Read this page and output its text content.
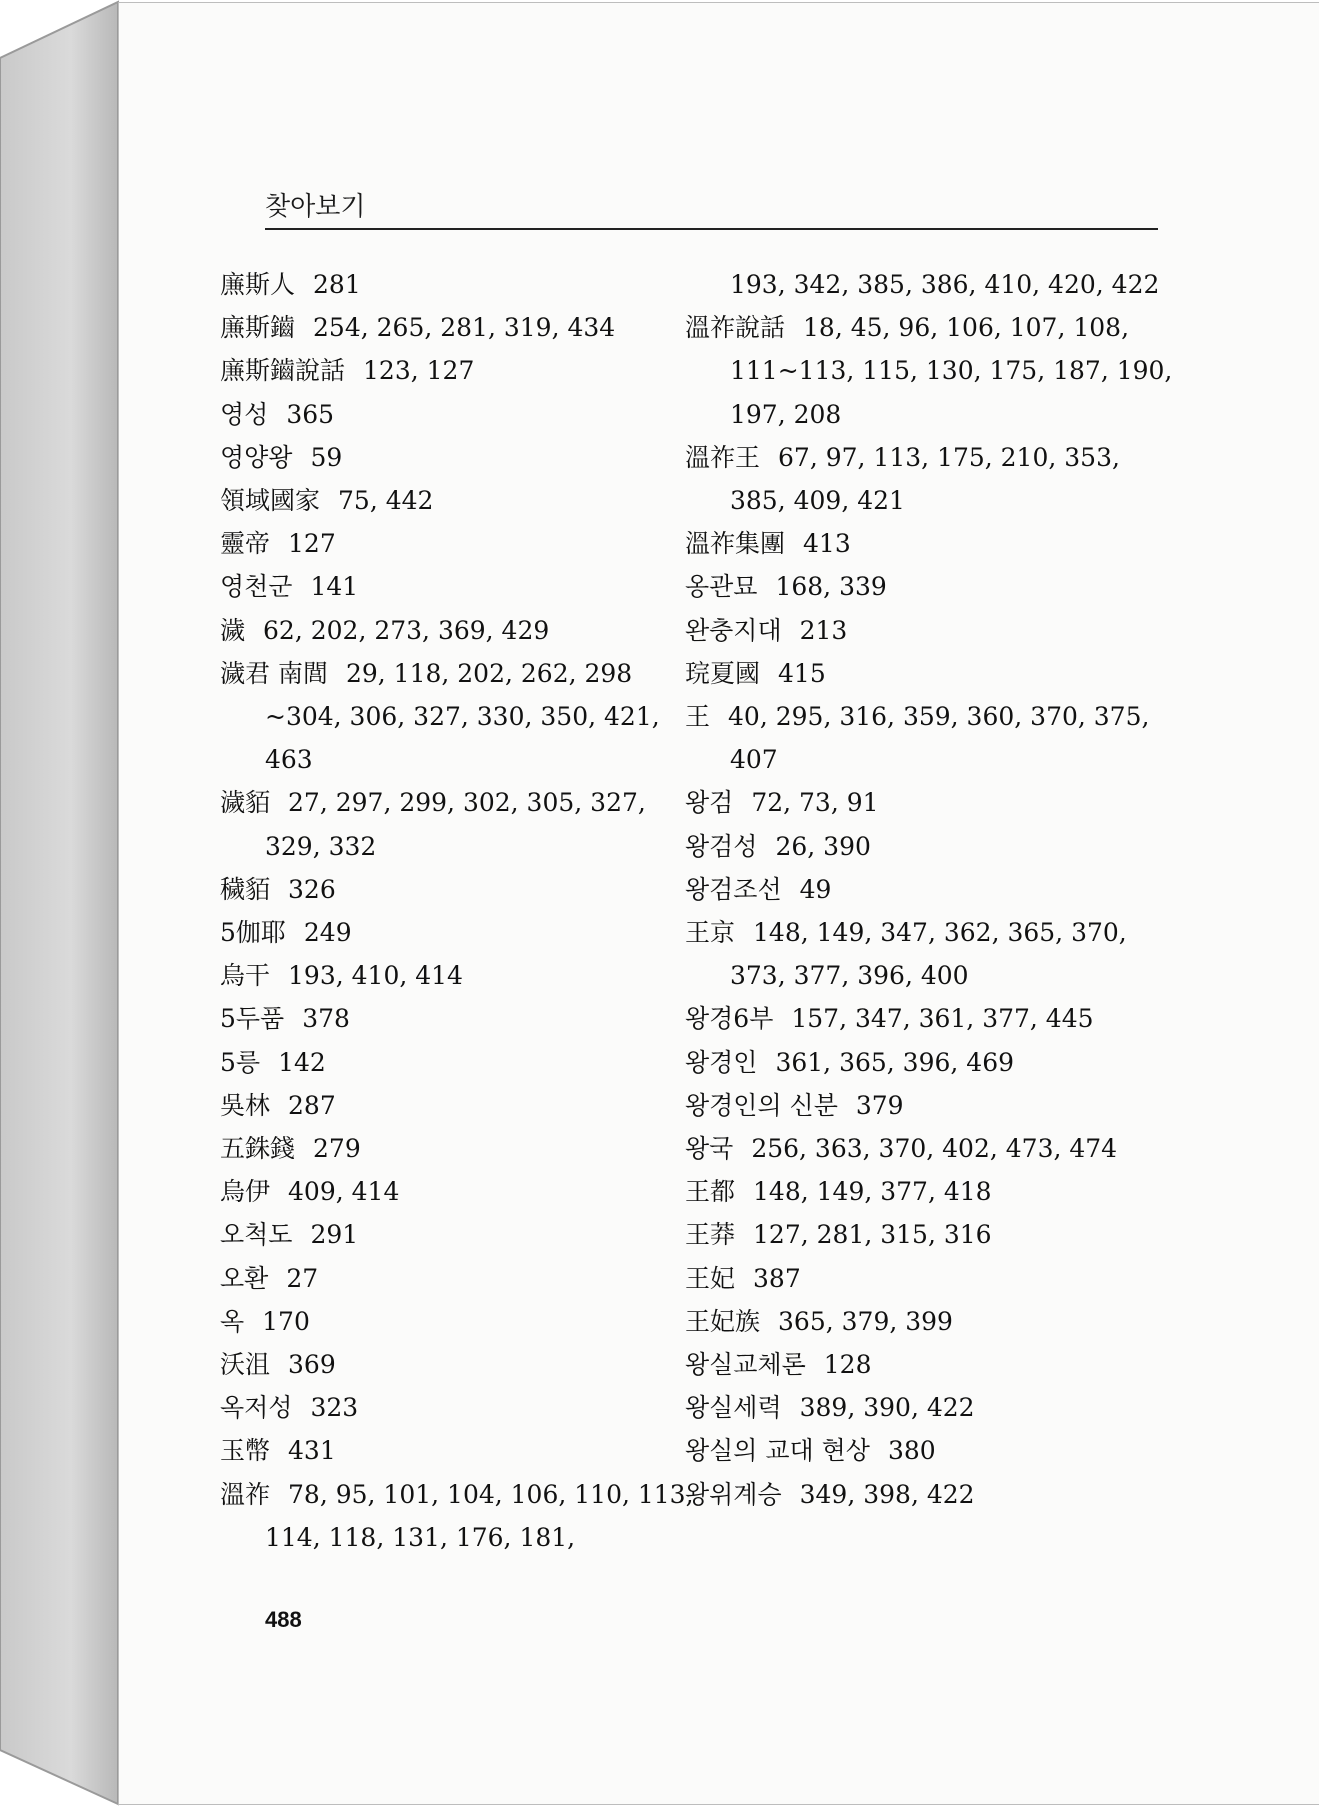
찾아보기
㢘斯人 281
㢘斯鑡 254, 265, 281, 319, 434
㢘斯鑡說話 123, 127
영성 365
영양왕 59
領域國家 75, 442
靈帝 127
영천군 141
濊 62, 202, 273, 369, 429
濊君 南閭 29, 118, 202, 262, 298 ~304, 306, 327, 330, 350, 421, 463
濊貊 27, 297, 299, 302, 305, 327, 329, 332
穢貊 326
5伽耶 249
烏干 193, 410, 414
5두품 378
5릉 142
吳林 287
五銖錢 279
烏伊 409, 414
오척도 291
오환 27
옥 170
沃沮 369
옥저성 323
玉幣 431
溫祚 78, 95, 101, 104, 106, 110, 113, 114, 118, 131, 176, 181,
193, 342, 385, 386, 410, 420, 422
溫祚說話 18, 45, 96, 106, 107, 108, 111~113, 115, 130, 175, 187, 190, 197, 208
溫祚王 67, 97, 113, 175, 210, 353, 385, 409, 421
溫祚集團 413
옹관묘 168, 339
완충지대 213
琓夏國 415
王 40, 295, 316, 359, 360, 370, 375, 407
왕검 72, 73, 91
왕검성 26, 390
왕검조선 49
王京 148, 149, 347, 362, 365, 370, 373, 377, 396, 400
왕경6부 157, 347, 361, 377, 445
왕경인 361, 365, 396, 469
왕경인의 신분 379
왕국 256, 363, 370, 402, 473, 474
王都 148, 149, 377, 418
王莽 127, 281, 315, 316
王妃 387
王妃族 365, 379, 399
왕실교체론 128
왕실세력 389, 390, 422
왕실의 교대 현상 380
왕위계승 349, 398, 422
488
